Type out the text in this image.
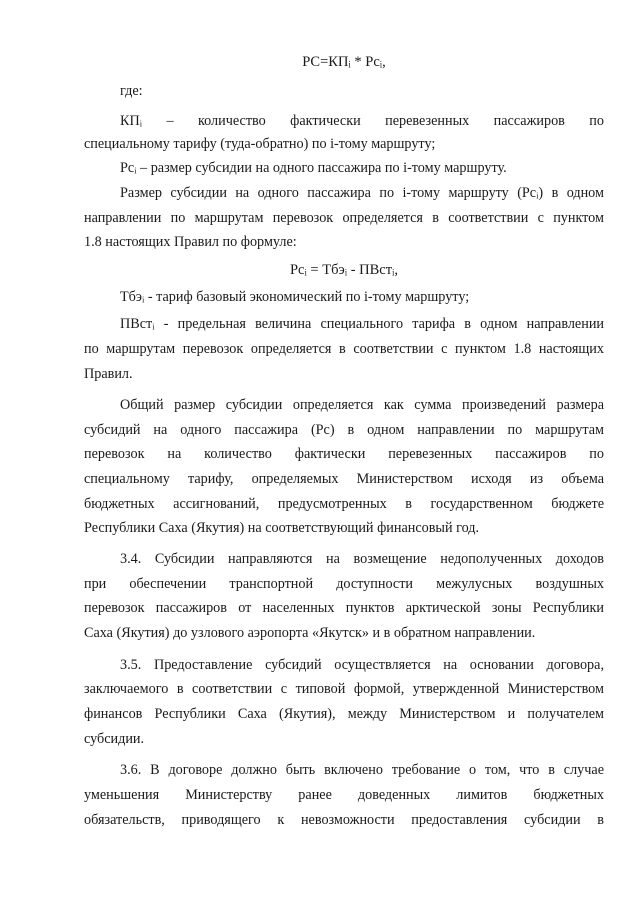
РС=КПᵢ * Рсᵢ,
где:
КПᵢ – количество фактически перевезенных пассажиров по
специальному тарифу (туда-обратно) по i-тому маршруту;
Рсᵢ – размер субсидии на одного пассажира по i-тому маршруту.
Размер субсидии на одного пассажира по i-тому маршруту (Рсᵢ) в одном
направлении по маршрутам перевозок определяется в соответствии с пунктом
1.8 настоящих Правил по формуле:
Рсᵢ = Тбэᵢ - ПВстᵢ,
Тбэᵢ - тариф базовый экономический по i-тому маршруту;
ПВстᵢ - предельная величина специального тарифа в одном направлении
по маршрутам перевозок определяется в соответствии с пунктом 1.8 настоящих
Правил.
Общий размер субсидии определяется как сумма произведений размера
субсидий на одного пассажира (Рс) в одном направлении по маршрутам
перевозок на количество фактически перевезенных пассажиров по
специальному тарифу, определяемых Министерством исходя из объема
бюджетных ассигнований, предусмотренных в государственном бюджете
Республики Саха (Якутия) на соответствующий финансовый год.
3.4. Субсидии направляются на возмещение недополученных доходов
при обеспечении транспортной доступности межулусных воздушных
перевозок пассажиров от населенных пунктов арктической зоны Республики
Саха (Якутия) до узлового аэропорта «Якутск» и в обратном направлении.
3.5. Предоставление субсидий осуществляется на основании договора,
заключаемого в соответствии с типовой формой, утвержденной Министерством
финансов Республики Саха (Якутия), между Министерством и получателем
субсидии.
3.6. В договоре должно быть включено требование о том, что в случае
уменьшения Министерству ранее доведенных лимитов бюджетных
обязательств, приводящего к невозможности предоставления субсидии в
